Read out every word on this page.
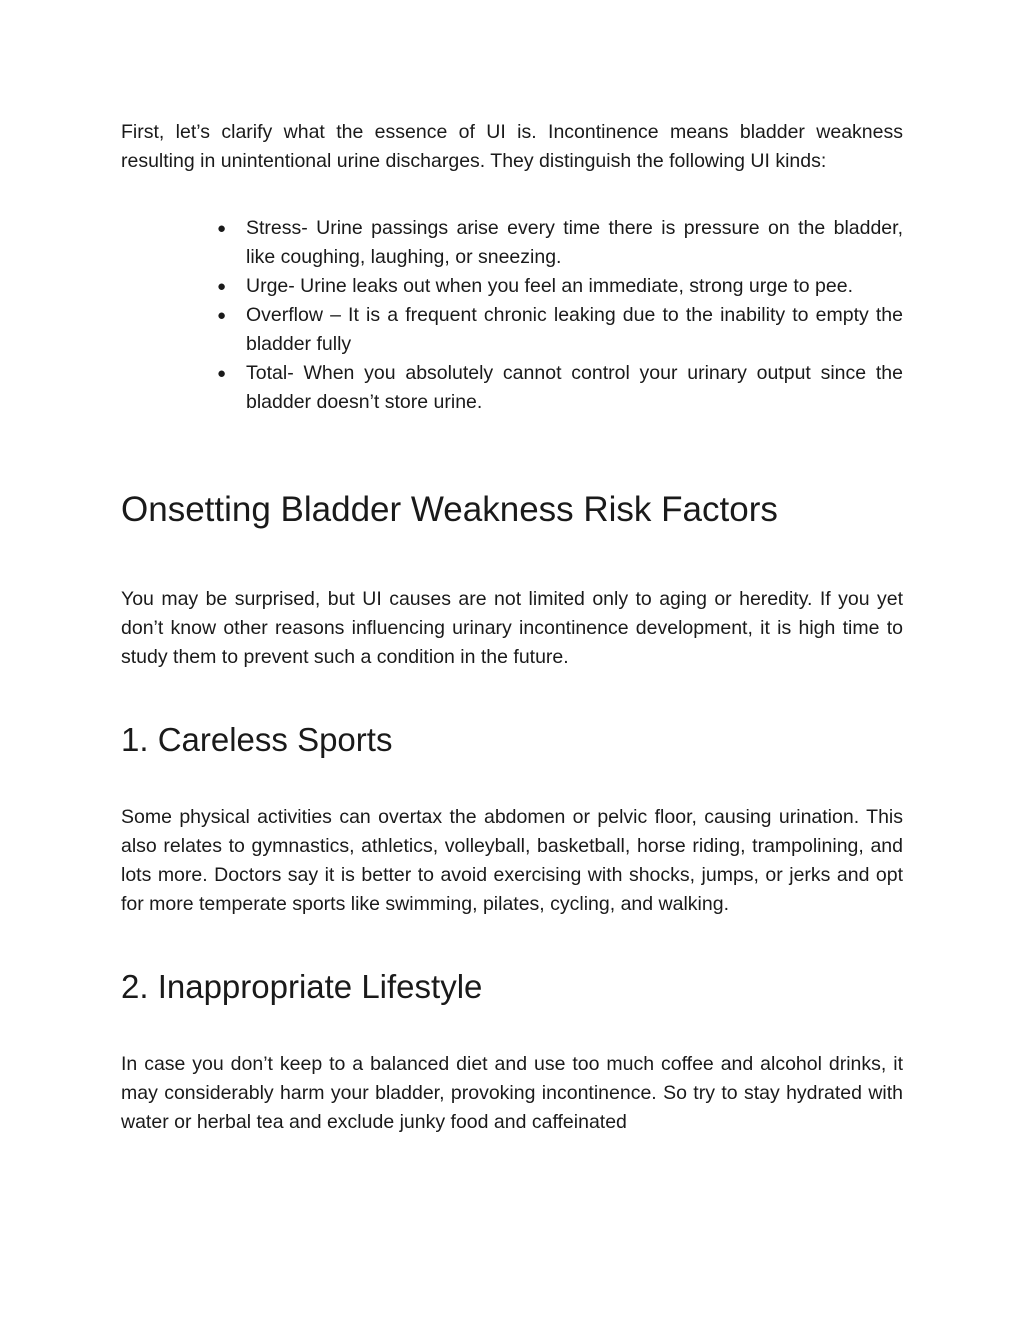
First, let’s clarify what the essence of UI is. Incontinence means bladder weakness resulting in unintentional urine discharges. They distinguish the following UI kinds:

● Stress- Urine passings arise every time there is pressure on the bladder, like coughing, laughing, or sneezing.
● Urge- Urine leaks out when you feel an immediate, strong urge to pee.
● Overflow – It is a frequent chronic leaking due to the inability to empty the bladder fully
● Total- When you absolutely cannot control your urinary output since the bladder doesn’t store urine.
Onsetting Bladder Weakness Risk Factors

You may be surprised, but UI causes are not limited only to aging or heredity. If you yet don’t know other reasons influencing urinary incontinence development, it is high time to study them to prevent such a condition in the future.

1. Careless Sports

Some physical activities can overtax the abdomen or pelvic floor, causing urination. This also relates to gymnastics, athletics, volleyball, basketball, horse riding, trampolining, and lots more. Doctors say it is better to avoid exercising with shocks, jumps, or jerks and opt for more temperate sports like swimming, pilates, cycling, and walking.

2. Inappropriate Lifestyle

In case you don’t keep to a balanced diet and use too much coffee and alcohol drinks, it may considerably harm your bladder, provoking incontinence. So try to stay hydrated with water or herbal tea and exclude junky food and caffeinated
